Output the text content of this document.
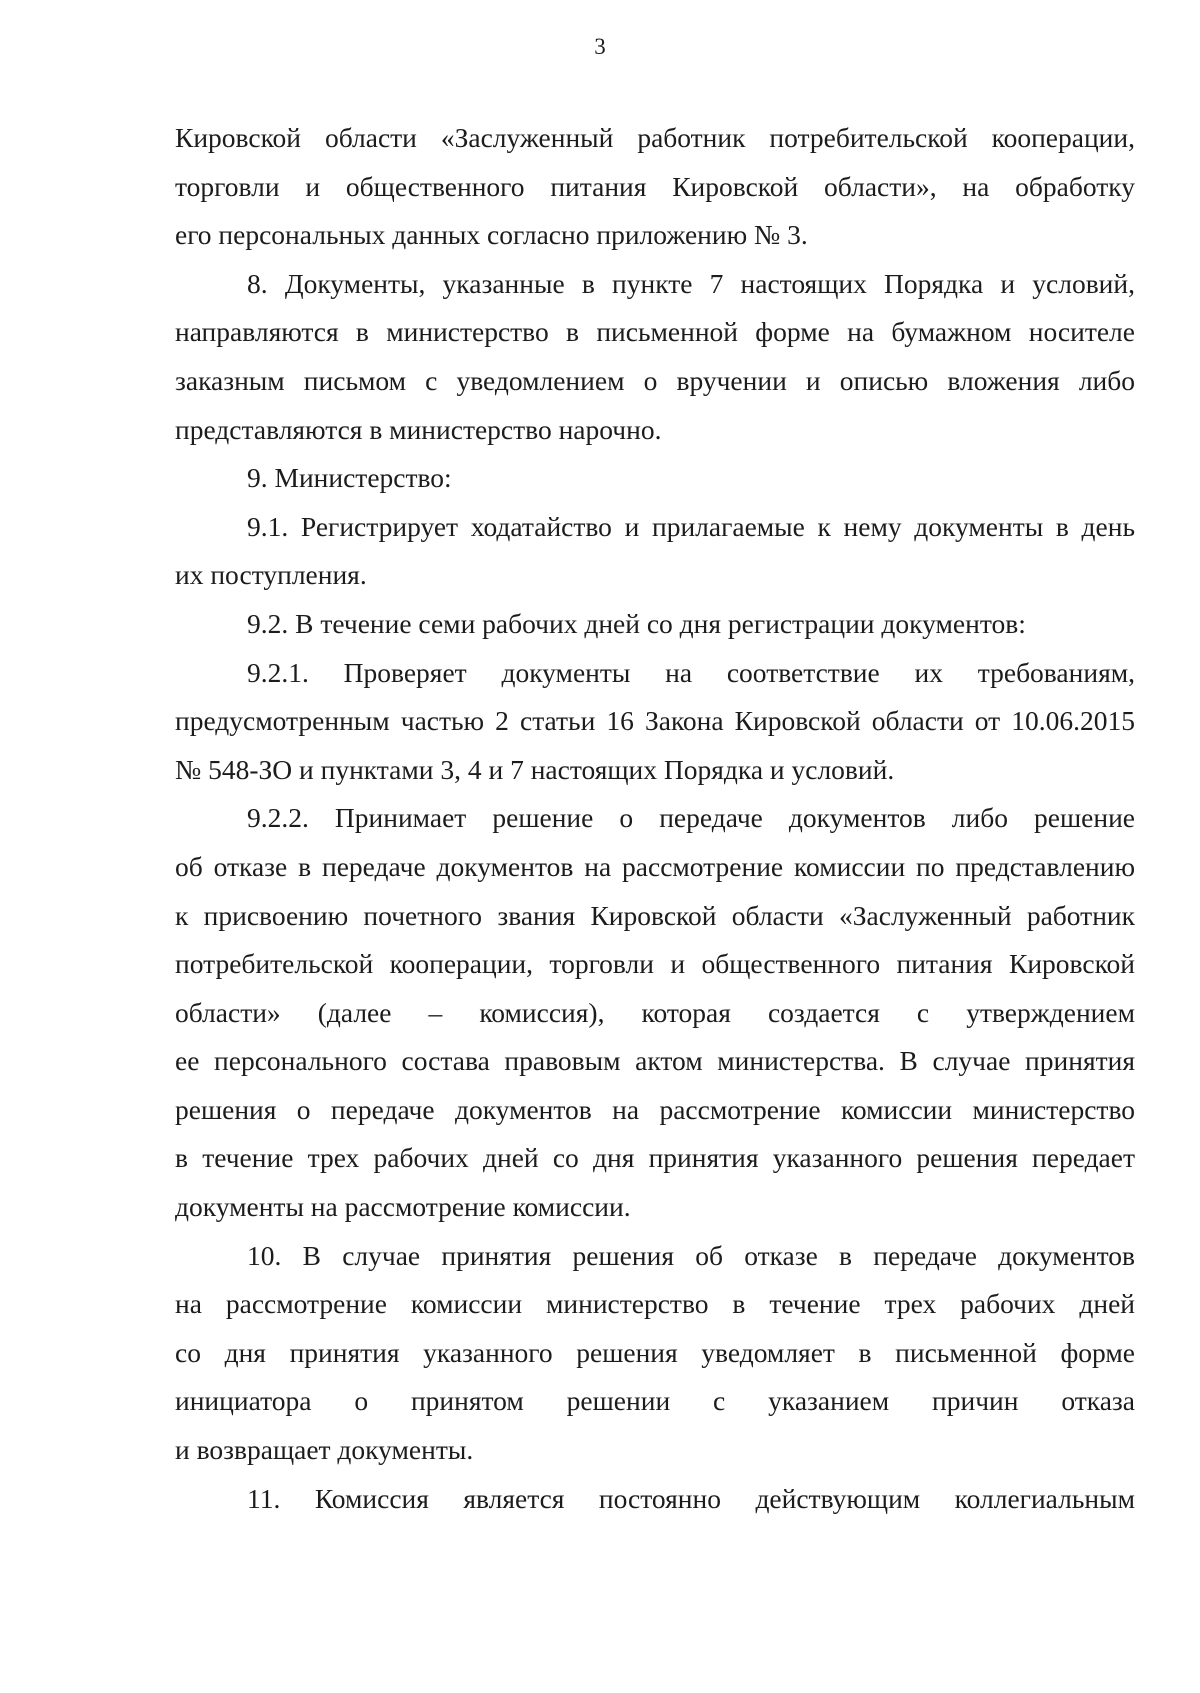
3
Кировской области «Заслуженный работник потребительской кооперации,
торговли и общественного питания Кировской области», на обработку
его персональных данных согласно приложению № 3.
8. Документы, указанные в пункте 7 настоящих Порядка и условий,
направляются в министерство в письменной форме на бумажном носителе
заказным письмом с уведомлением о вручении и описью вложения либо
представляются в министерство нарочно.
9. Министерство:
9.1. Регистрирует ходатайство и прилагаемые к нему документы в день
их поступления.
9.2. В течение семи рабочих дней со дня регистрации документов:
9.2.1. Проверяет документы на соответствие их требованиям,
предусмотренным частью 2 статьи 16 Закона Кировской области от 10.06.2015
№ 548-ЗО и пунктами 3, 4 и 7 настоящих Порядка и условий.
9.2.2. Принимает решение о передаче документов либо решение
об отказе в передаче документов на рассмотрение комиссии по представлению
к присвоению почетного звания Кировской области «Заслуженный работник
потребительской кооперации, торговли и общественного питания Кировской
области» (далее – комиссия), которая создается с утверждением
ее персонального состава правовым актом министерства. В случае принятия
решения о передаче документов на рассмотрение комиссии министерство
в течение трех рабочих дней со дня принятия указанного решения передает
документы на рассмотрение комиссии.
10. В случае принятия решения об отказе в передаче документов
на рассмотрение комиссии министерство в течение трех рабочих дней
со дня принятия указанного решения уведомляет в письменной форме
инициатора о принятом решении с указанием причин отказа
и возвращает документы.
11. Комиссия является постоянно действующим коллегиальным
